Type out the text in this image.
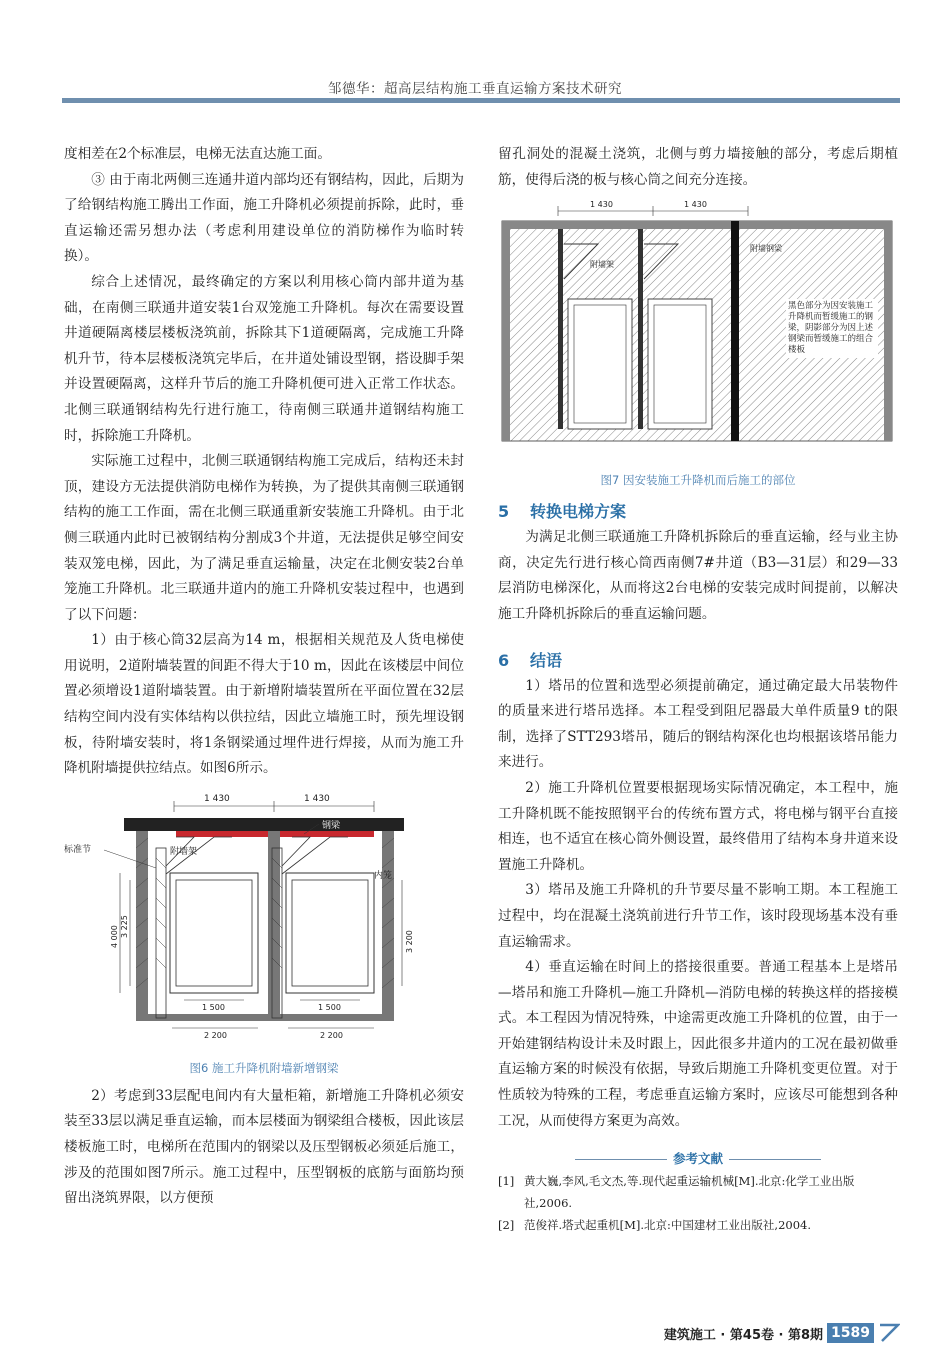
邹德华：超高层结构施工垂直运输方案技术研究

度相差在2个标准层，电梯无法直达施工面。

③ 由于南北两侧三连通井道内部均还有钢结构，因此，后期为了给钢结构施工腾出工作面，施工升降机必须提前拆除，此时，垂直运输还需另想办法（考虑利用建设单位的消防梯作为临时转换）。

综合上述情况，最终确定的方案以利用核心筒内部井道为基础，在南侧三联通井道安装1台双笼施工升降机。每次在需要设置井道硬隔离楼层楼板浇筑前，拆除其下1道硬隔离，完成施工升降机升节，待本层楼板浇筑完毕后，在井道处铺设型钢，搭设脚手架并设置硬隔离，这样升节后的施工升降机便可进入正常工作状态。北侧三联通钢结构先行进行施工，待南侧三联通井道钢结构施工时，拆除施工升降机。

实际施工过程中，北侧三联通钢结构施工完成后，结构还未封顶，建设方无法提供消防电梯作为转换，为了提供其南侧三联通钢结构的施工工作面，需在北侧三联通重新安装施工升降机。由于北侧三联通内此时已被钢结构分割成3个井道，无法提供足够空间安装双笼电梯，因此，为了满足垂直运输量，决定在北侧安装2台单笼施工升降机。北三联通井道内的施工升降机安装过程中，也遇到了以下问题：

1）由于核心筒32层高为14 m，根据相关规范及人货电梯使用说明，2道附墙装置的间距不得大于10 m，因此在该楼层中间位置必须增设1道附墙装置。由于新增附墙装置所在平面位置在32层结构空间内没有实体结构以供拉结，因此立墙施工时，预先埋设钢板，待附墙安装时，将1条钢梁通过埋件进行焊接，从而为施工升降机附墙提供拉结点。如图6所示。

1 430	1 430
钢梁
标准节	附墙架
内笼
4 000 3 225
3 200
1 500	1 500
2 200	2 200
图6 施工升降机附墙新增钢梁

2）考虑到33层配电间内有大量柜箱，新增施工升降机必须安装至33层以满足垂直运输，而本层楼面为钢梁组合楼板，因此该层楼板施工时，电梯所在范围内的钢梁以及压型钢板必须延后施工，涉及的范围如图7所示。施工过程中，压型钢板的底筋与面筋均预留出浇筑界限，以方便预

留孔洞处的混凝土浇筑，北侧与剪力墙接触的部分，考虑后期植筋，使得后浇的板与核心筒之间充分连接。

1 430	1 430
附墙架
附墙钢梁
黑色部分为因安装施工升降机而暂缓施工的钢梁，阴影部分为因上述钢梁而暂缓施工的组合楼板
图7 因安装施工升降机而后施工的部位
5 转换电梯方案

为满足北侧三联通施工升降机拆除后的垂直运输，经与业主协商，决定先行进行核心筒西南侧7#井道（B3—31层）和29—33层消防电梯深化，从而将这2台电梯的安装完成时间提前，以解决施工升降机拆除后的垂直运输问题。

6 结语

1）塔吊的位置和选型必须提前确定，通过确定最大吊装物件的质量来进行塔吊选择。本工程受到阻尼器最大单件质量9 t的限制，选择了STT293塔吊，随后的钢结构深化也均根据该塔吊能力来进行。

2）施工升降机位置要根据现场实际情况确定，本工程中，施工升降机既不能按照钢平台的传统布置方式，将电梯与钢平台直接相连，也不适宜在核心筒外侧设置，最终借用了结构本身井道来设置施工升降机。

3）塔吊及施工升降机的升节要尽量不影响工期。本工程施工过程中，均在混凝土浇筑前进行升节工作，该时段现场基本没有垂直运输需求。

4）垂直运输在时间上的搭接很重要。普通工程基本上是塔吊—塔吊和施工升降机—施工升降机—消防电梯的转换这样的搭接模式。本工程因为情况特殊，中途需更改施工升降机的位置，由于一开始建钢结构设计未及时跟上，因此很多井道内的工况在最初做垂直运输方案的时候没有依据，导致后期施工升降机变更位置。对于性质较为特殊的工程，考虑垂直运输方案时，应该尽可能想到各种工况，从而使得方案更为高效。

参考文献
[1] 黄大巍,李风,毛文杰,等.现代起重运输机械[M].北京:化学工业出版社,2006.
[2] 范俊祥.塔式起重机[M].北京:中国建材工业出版社,2004.
建筑施工 · 第45卷 · 第8期 1589
